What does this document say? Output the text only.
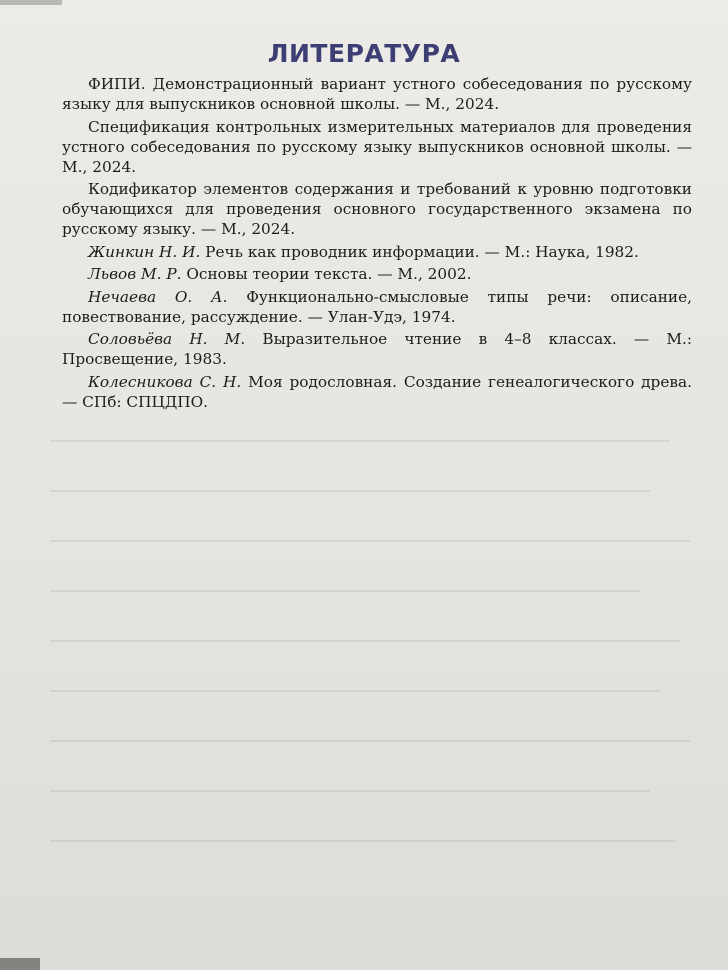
ЛИТЕРАТУРА

ФИПИ. Демонстрационный вариант устного собеседования по русскому языку для выпускников основной школы. — М., 2024.

Спецификация контрольных измерительных материалов для проведения устного собеседования по русскому языку выпускников основной школы. — М., 2024.

Кодификатор элементов содержания и требований к уровню подготовки обучающихся для проведения основного государственного экзамена по русскому языку. — М., 2024.

Жинкин Н. И. Речь как проводник информации. — М.: Наука, 1982.

Львов М. Р. Основы теории текста. — М., 2002.

Нечаева О. А. Функционально-смысловые типы речи: описание, повествование, рассуждение. — Улан-Удэ, 1974.

Соловьёва Н. М. Выразительное чтение в 4–8 классах. — М.: Просвещение, 1983.

Колесникова С. Н. Моя родословная. Создание генеалогического древа. — СПб: СПЦДПО.
